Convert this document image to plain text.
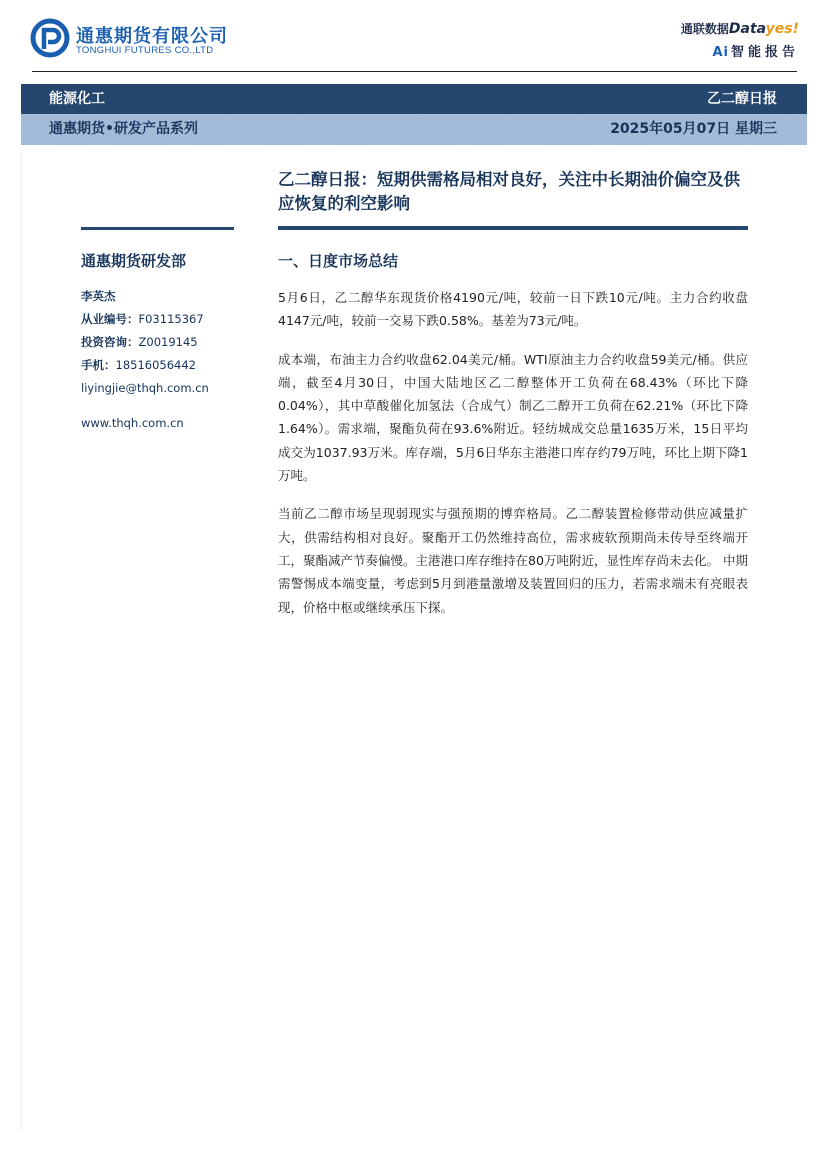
通惠期货有限公司
TONGHUI FUTURES CO.,LTD
通联数据Datayes!
Ai 智能报告
能源化工	乙二醇日报
通惠期货•研发产品系列	2025年05月07日 星期三
通惠期货研发部
李英杰
从业编号：F03115367
投资咨询：Z0019145
手机：18516056442
liyingjie@thqh.com.cn
www.thqh.com.cn
乙二醇日报：短期供需格局相对良好，关注中长期油价偏空及供应恢复的利空影响
一、日度市场总结

5月6日，乙二醇华东现货价格4190元/吨，较前一日下跌10元/吨。主力合约收盘4147元/吨，较前一交易下跌0.58%。基差为73元/吨。

成本端，布油主力合约收盘62.04美元/桶。WTI原油主力合约收盘59美元/桶。供应端，截至4月30日，中国大陆地区乙二醇整体开工负荷在68.43%（环比下降0.04%），其中草酸催化加氢法（合成气）制乙二醇开工负荷在62.21%（环比下降1.64%）。需求端，聚酯负荷在93.6%附近。轻纺城成交总量1635万米，15日平均成交为1037.93万米。库存端，5月6日华东主港港口库存约79万吨，环比上期下降1万吨。

当前乙二醇市场呈现弱现实与强预期的博弈格局。乙二醇装置检修带动供应减量扩大，供需结构相对良好。聚酯开工仍然维持高位，需求疲软预期尚未传导至终端开工，聚酯减产节奏偏慢。主港港口库存维持在80万吨附近，显性库存尚未去化。 中期需警惕成本端变量，考虑到5月到港量激增及装置回归的压力，若需求端未有亮眼表现，价格中枢或继续承压下探。
